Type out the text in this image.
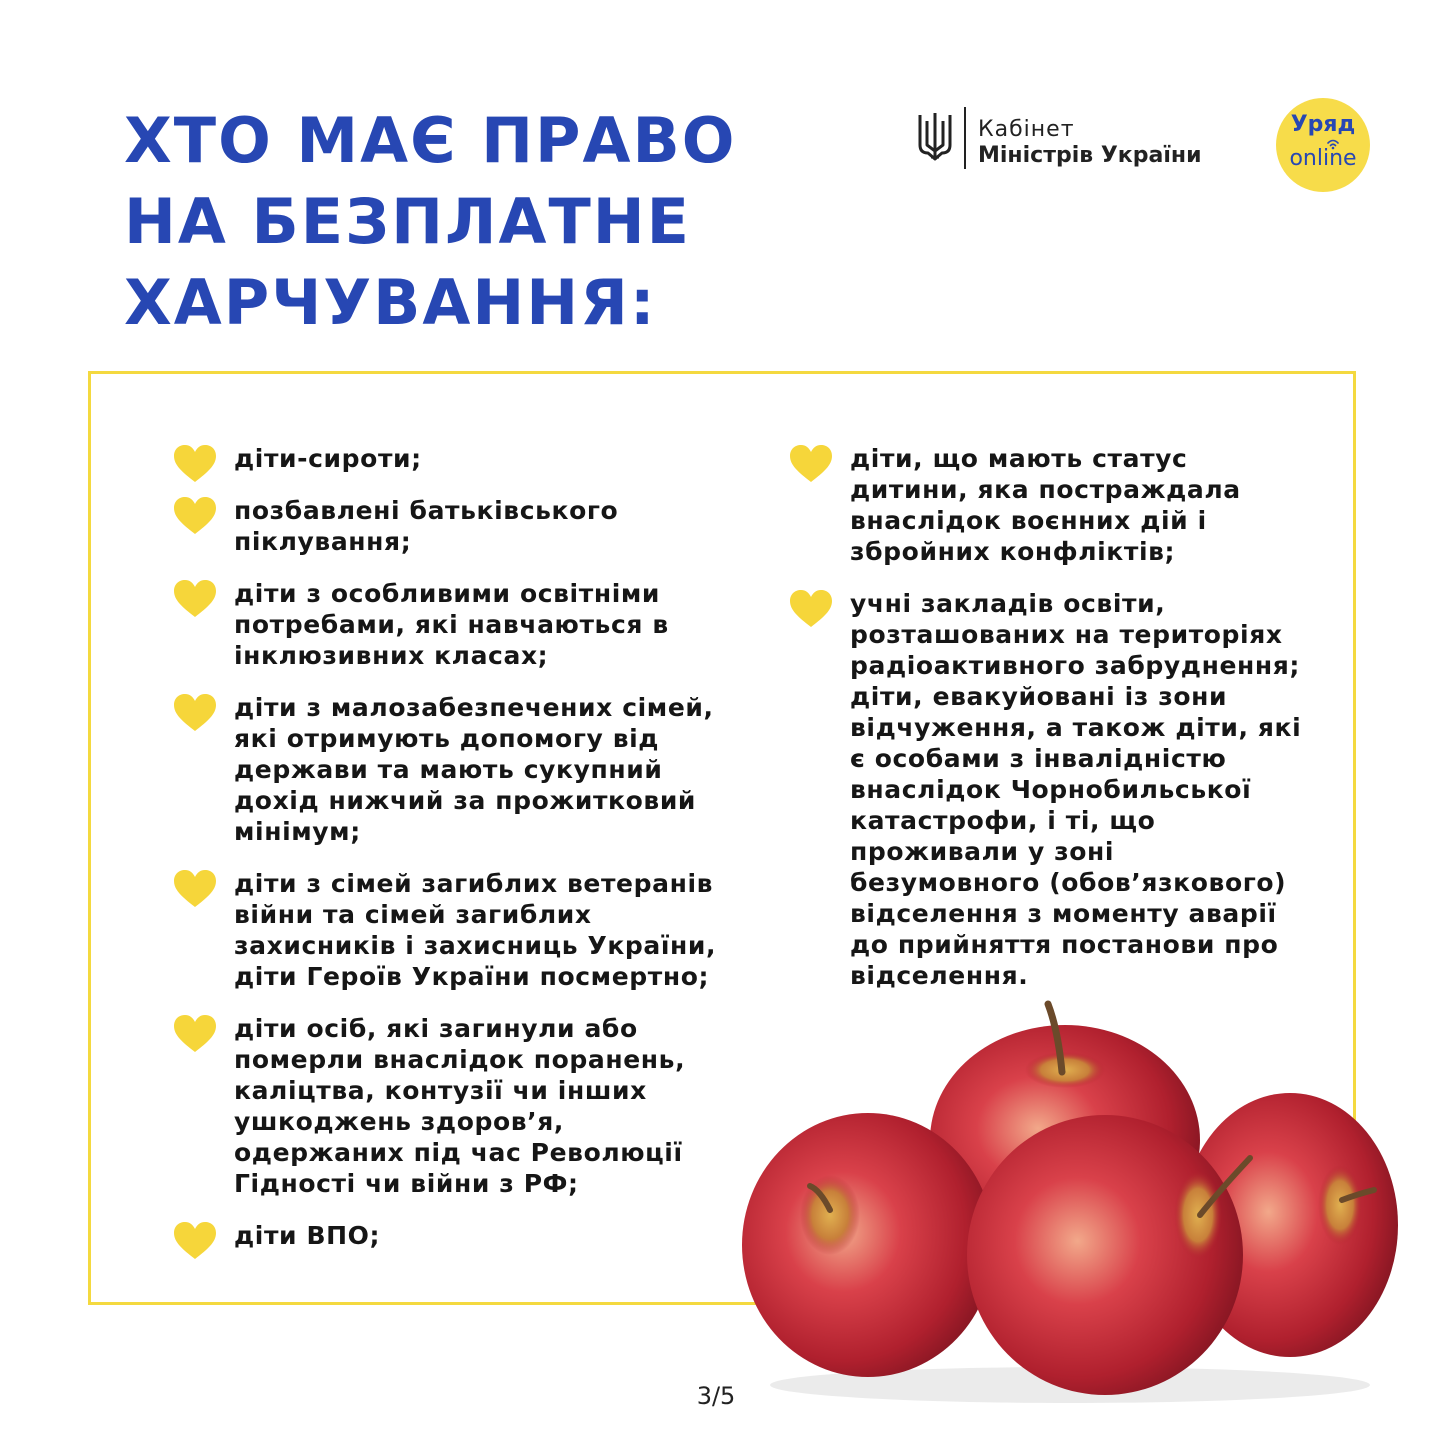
ХТО МАЄ ПРАВО
НА БЕЗПЛАТНЕ
ХАРЧУВАННЯ:
Кабінет
Міністрів України
Уряд
online
діти-сироти;
позбавлені батьківського піклування;
діти з особливими освітніми потребами, які навчаються в інклюзивних класах;
діти з малозабезпечених сімей, які отримують допомогу від держави та мають сукупний дохід нижчий за прожитковий мінімум;
діти з сімей загиблих ветеранів війни та сімей загиблих захисників і захисниць України, діти Героїв України посмертно;
діти осіб, які загинули або померли внаслідок поранень, каліцтва, контузії чи інших ушкоджень здоров’я, одержаних під час Революції Гідності чи війни з РФ;
діти ВПО;
діти, що мають статус дитини, яка постраждала внаслідок воєнних дій і збройних конфліктів;
учні закладів освіти, розташованих на територіях радіоактивного забруднення; діти, евакуйовані із зони відчуження, а також діти, які є особами з інвалідністю внаслідок Чорнобильської катастрофи, і ті, що проживали у зоні безумовного (обов’язкового) відселення з моменту аварії до прийняття постанови про відселення.
3/5
